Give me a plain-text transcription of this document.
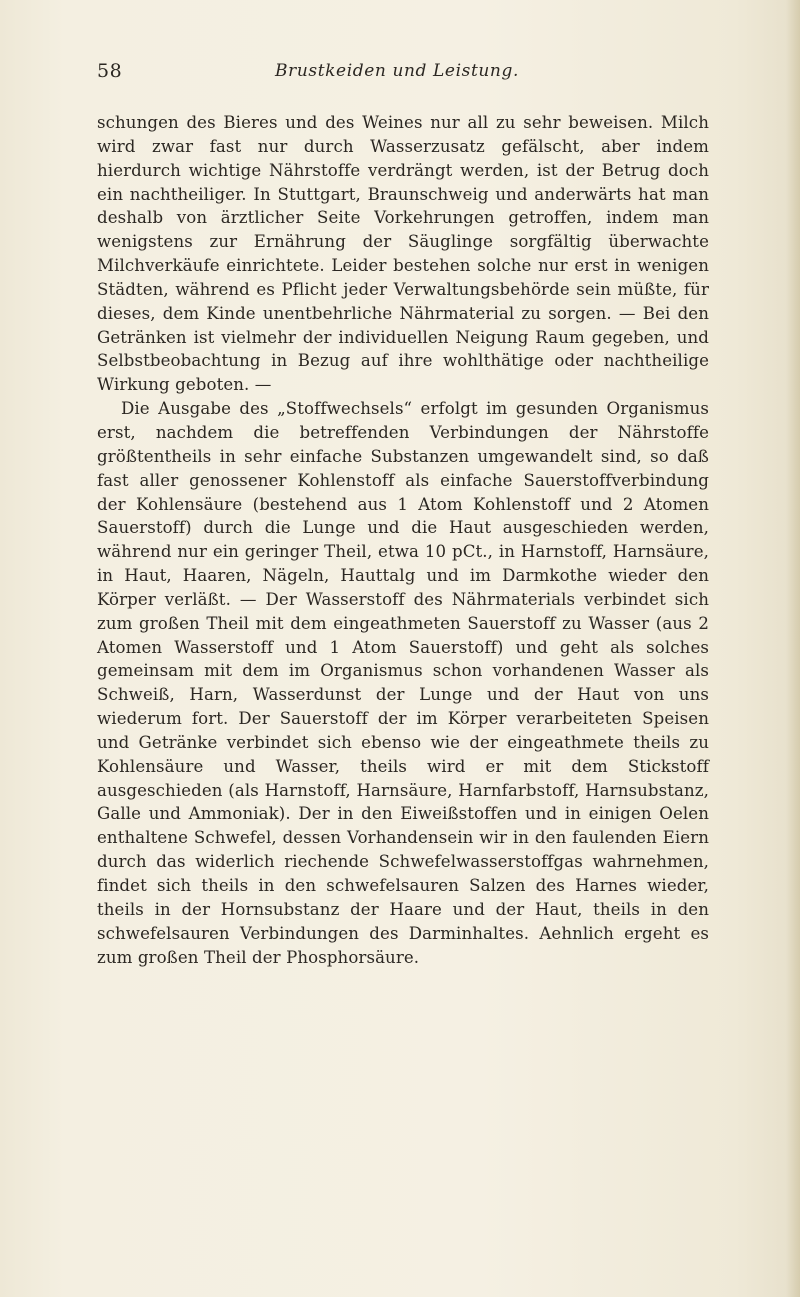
58	Brustkeiden und Leistung.

schungen des Bieres und des Weines nur all zu sehr beweisen. Milch wird zwar fast nur durch Wasserzusatz gefälscht, aber indem hierdurch wichtige Nährstoffe verdrängt werden, ist der Betrug doch ein nachtheiliger. In Stuttgart, Braunschweig und anderwärts hat man deshalb von ärztlicher Seite Vorkehrungen getroffen, indem man wenigstens zur Ernährung der Säuglinge sorgfältig überwachte Milchverkäufe einrichtete. Leider bestehen solche nur erst in wenigen Städten, während es Pflicht jeder Verwaltungsbehörde sein müßte, für dieses, dem Kinde unentbehrliche Nährmaterial zu sorgen. — Bei den Getränken ist vielmehr der individuellen Neigung Raum gegeben, und Selbstbeobachtung in Bezug auf ihre wohlthätige oder nachtheilige Wirkung geboten. —

Die Ausgabe des „Stoffwechsels“ erfolgt im gesunden Organismus erst, nachdem die betreffenden Verbindungen der Nährstoffe größtentheils in sehr einfache Substanzen umgewandelt sind, so daß fast aller genossener Kohlenstoff als einfache Sauerstoffverbindung der Kohlensäure (bestehend aus 1 Atom Kohlenstoff und 2 Atomen Sauerstoff) durch die Lunge und die Haut ausgeschieden werden, während nur ein geringer Theil, etwa 10 pCt., in Harnstoff, Harnsäure, in Haut, Haaren, Nägeln, Hauttalg und im Darmkothe wieder den Körper verläßt. — Der Wasserstoff des Nährmaterials verbindet sich zum großen Theil mit dem eingeathmeten Sauerstoff zu Wasser (aus 2 Atomen Wasserstoff und 1 Atom Sauerstoff) und geht als solches gemeinsam mit dem im Organismus schon vorhandenen Wasser als Schweiß, Harn, Wasserdunst der Lunge und der Haut von uns wiederum fort. Der Sauerstoff der im Körper verarbeiteten Speisen und Getränke verbindet sich ebenso wie der eingeathmete theils zu Kohlensäure und Wasser, theils wird er mit dem Stickstoff ausgeschieden (als Harnstoff, Harnsäure, Harnfarbstoff, Harnsubstanz, Galle und Ammoniak). Der in den Eiweißstoffen und in einigen Oelen enthaltene Schwefel, dessen Vorhandensein wir in den faulenden Eiern durch das widerlich riechende Schwefelwasserstoffgas wahrnehmen, findet sich theils in den schwefelsauren Salzen des Harnes wieder, theils in der Hornsubstanz der Haare und der Haut, theils in den schwefelsauren Verbindungen des Darminhaltes. Aehnlich ergeht es zum großen Theil der Phosphorsäure.
